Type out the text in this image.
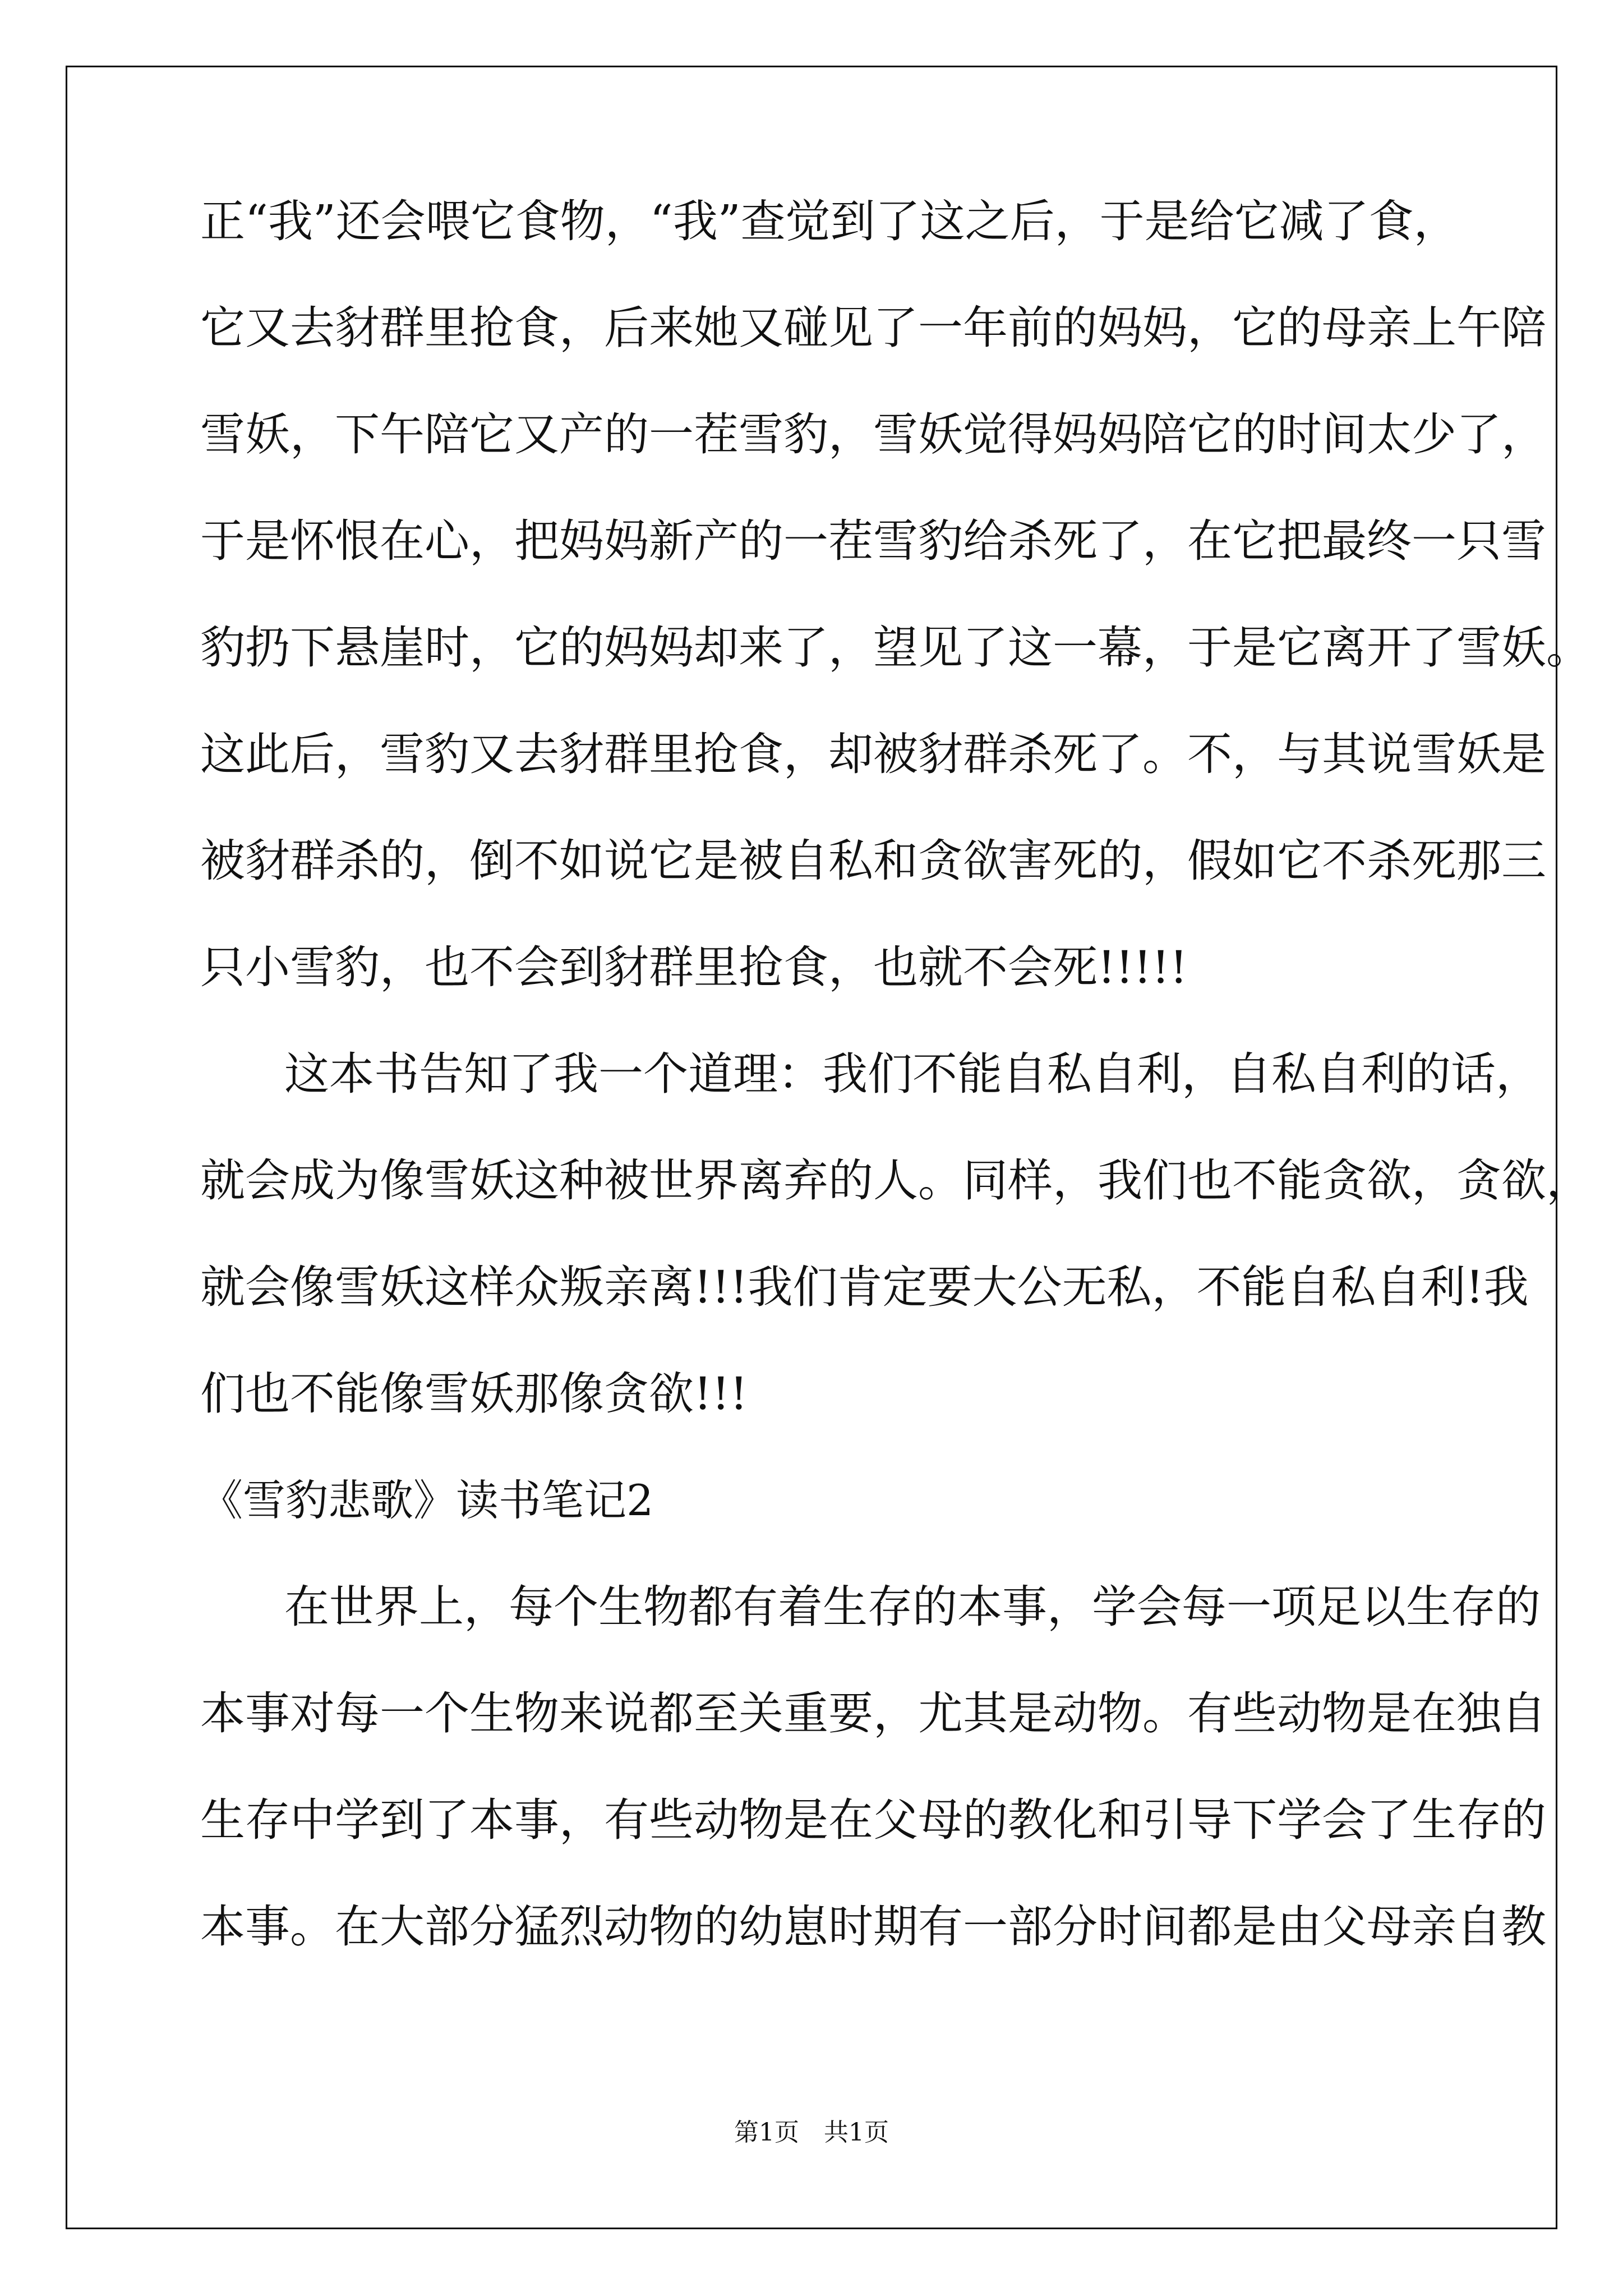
正“我”还会喂它食物，“我”查觉到了这之后，于是给它减了食，
它又去豺群里抢食，后来她又碰见了一年前的妈妈，它的母亲上午陪
雪妖，下午陪它又产的一茬雪豹，雪妖觉得妈妈陪它的时间太少了，
于是怀恨在心，把妈妈新产的一茬雪豹给杀死了，在它把最终一只雪
豹扔下悬崖时，它的妈妈却来了，望见了这一幕，于是它离开了雪妖。
这此后，雪豹又去豺群里抢食，却被豺群杀死了。不，与其说雪妖是
被豺群杀的，倒不如说它是被自私和贪欲害死的，假如它不杀死那三
只小雪豹，也不会到豺群里抢食，也就不会死!!!!!
这本书告知了我一个道理：我们不能自私自利，自私自利的话，
就会成为像雪妖这种被世界离弃的人。同样，我们也不能贪欲，贪欲，
就会像雪妖这样众叛亲离!!!我们肯定要大公无私，不能自私自利!我
们也不能像雪妖那像贪欲!!!
《雪豹悲歌》读书笔记2
在世界上，每个生物都有着生存的本事，学会每一项足以生存的
本事对每一个生物来说都至关重要，尤其是动物。有些动物是在独自
生存中学到了本事，有些动物是在父母的教化和引导下学会了生存的
本事。在大部分猛烈动物的幼崽时期有一部分时间都是由父母亲自教
第1页　共1页
